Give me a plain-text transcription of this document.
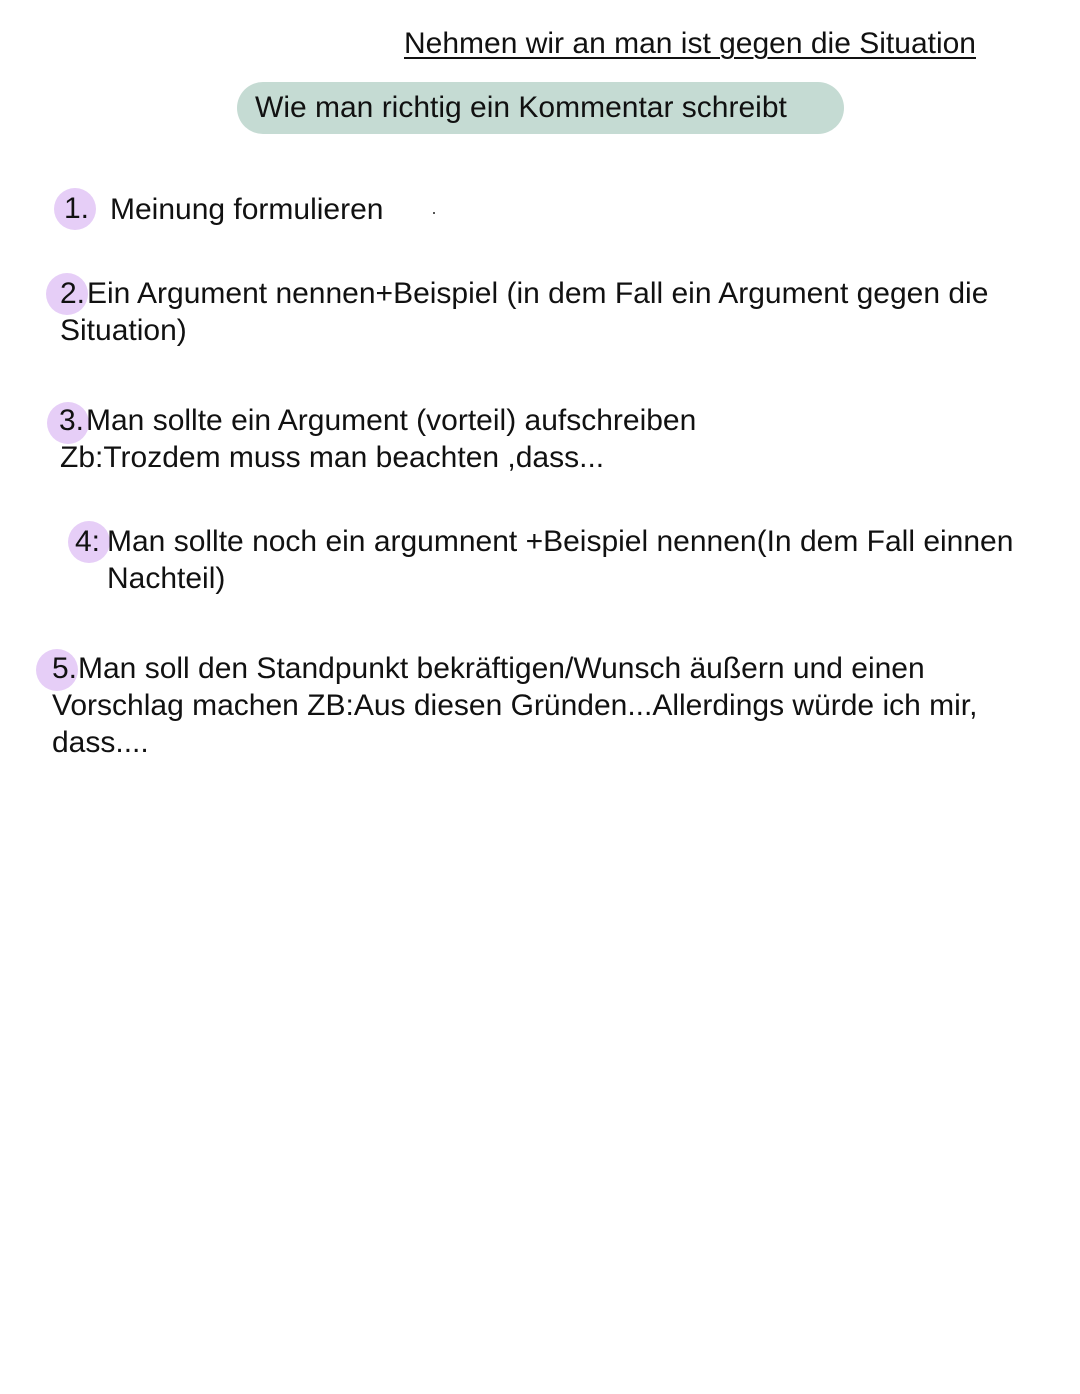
Nehmen wir an man ist gegen die Situation
Wie man richtig ein Kommentar schreibt
1. Meinung formulieren
2. Ein Argument nennen+Beispiel (in dem Fall ein Argument gegen die
Situation)
3. Man sollte ein Argument (vorteil) aufschreiben
Zb:Trozdem muss man beachten ,dass...
4: Man sollte noch ein argumnent +Beispiel nennen(In dem Fall einnen
Nachteil)
5. Man soll den Standpunkt bekräftigen/Wunsch äußern und einen
Vorschlag machen ZB:Aus diesen Gründen...Allerdings würde ich mir,
dass....
